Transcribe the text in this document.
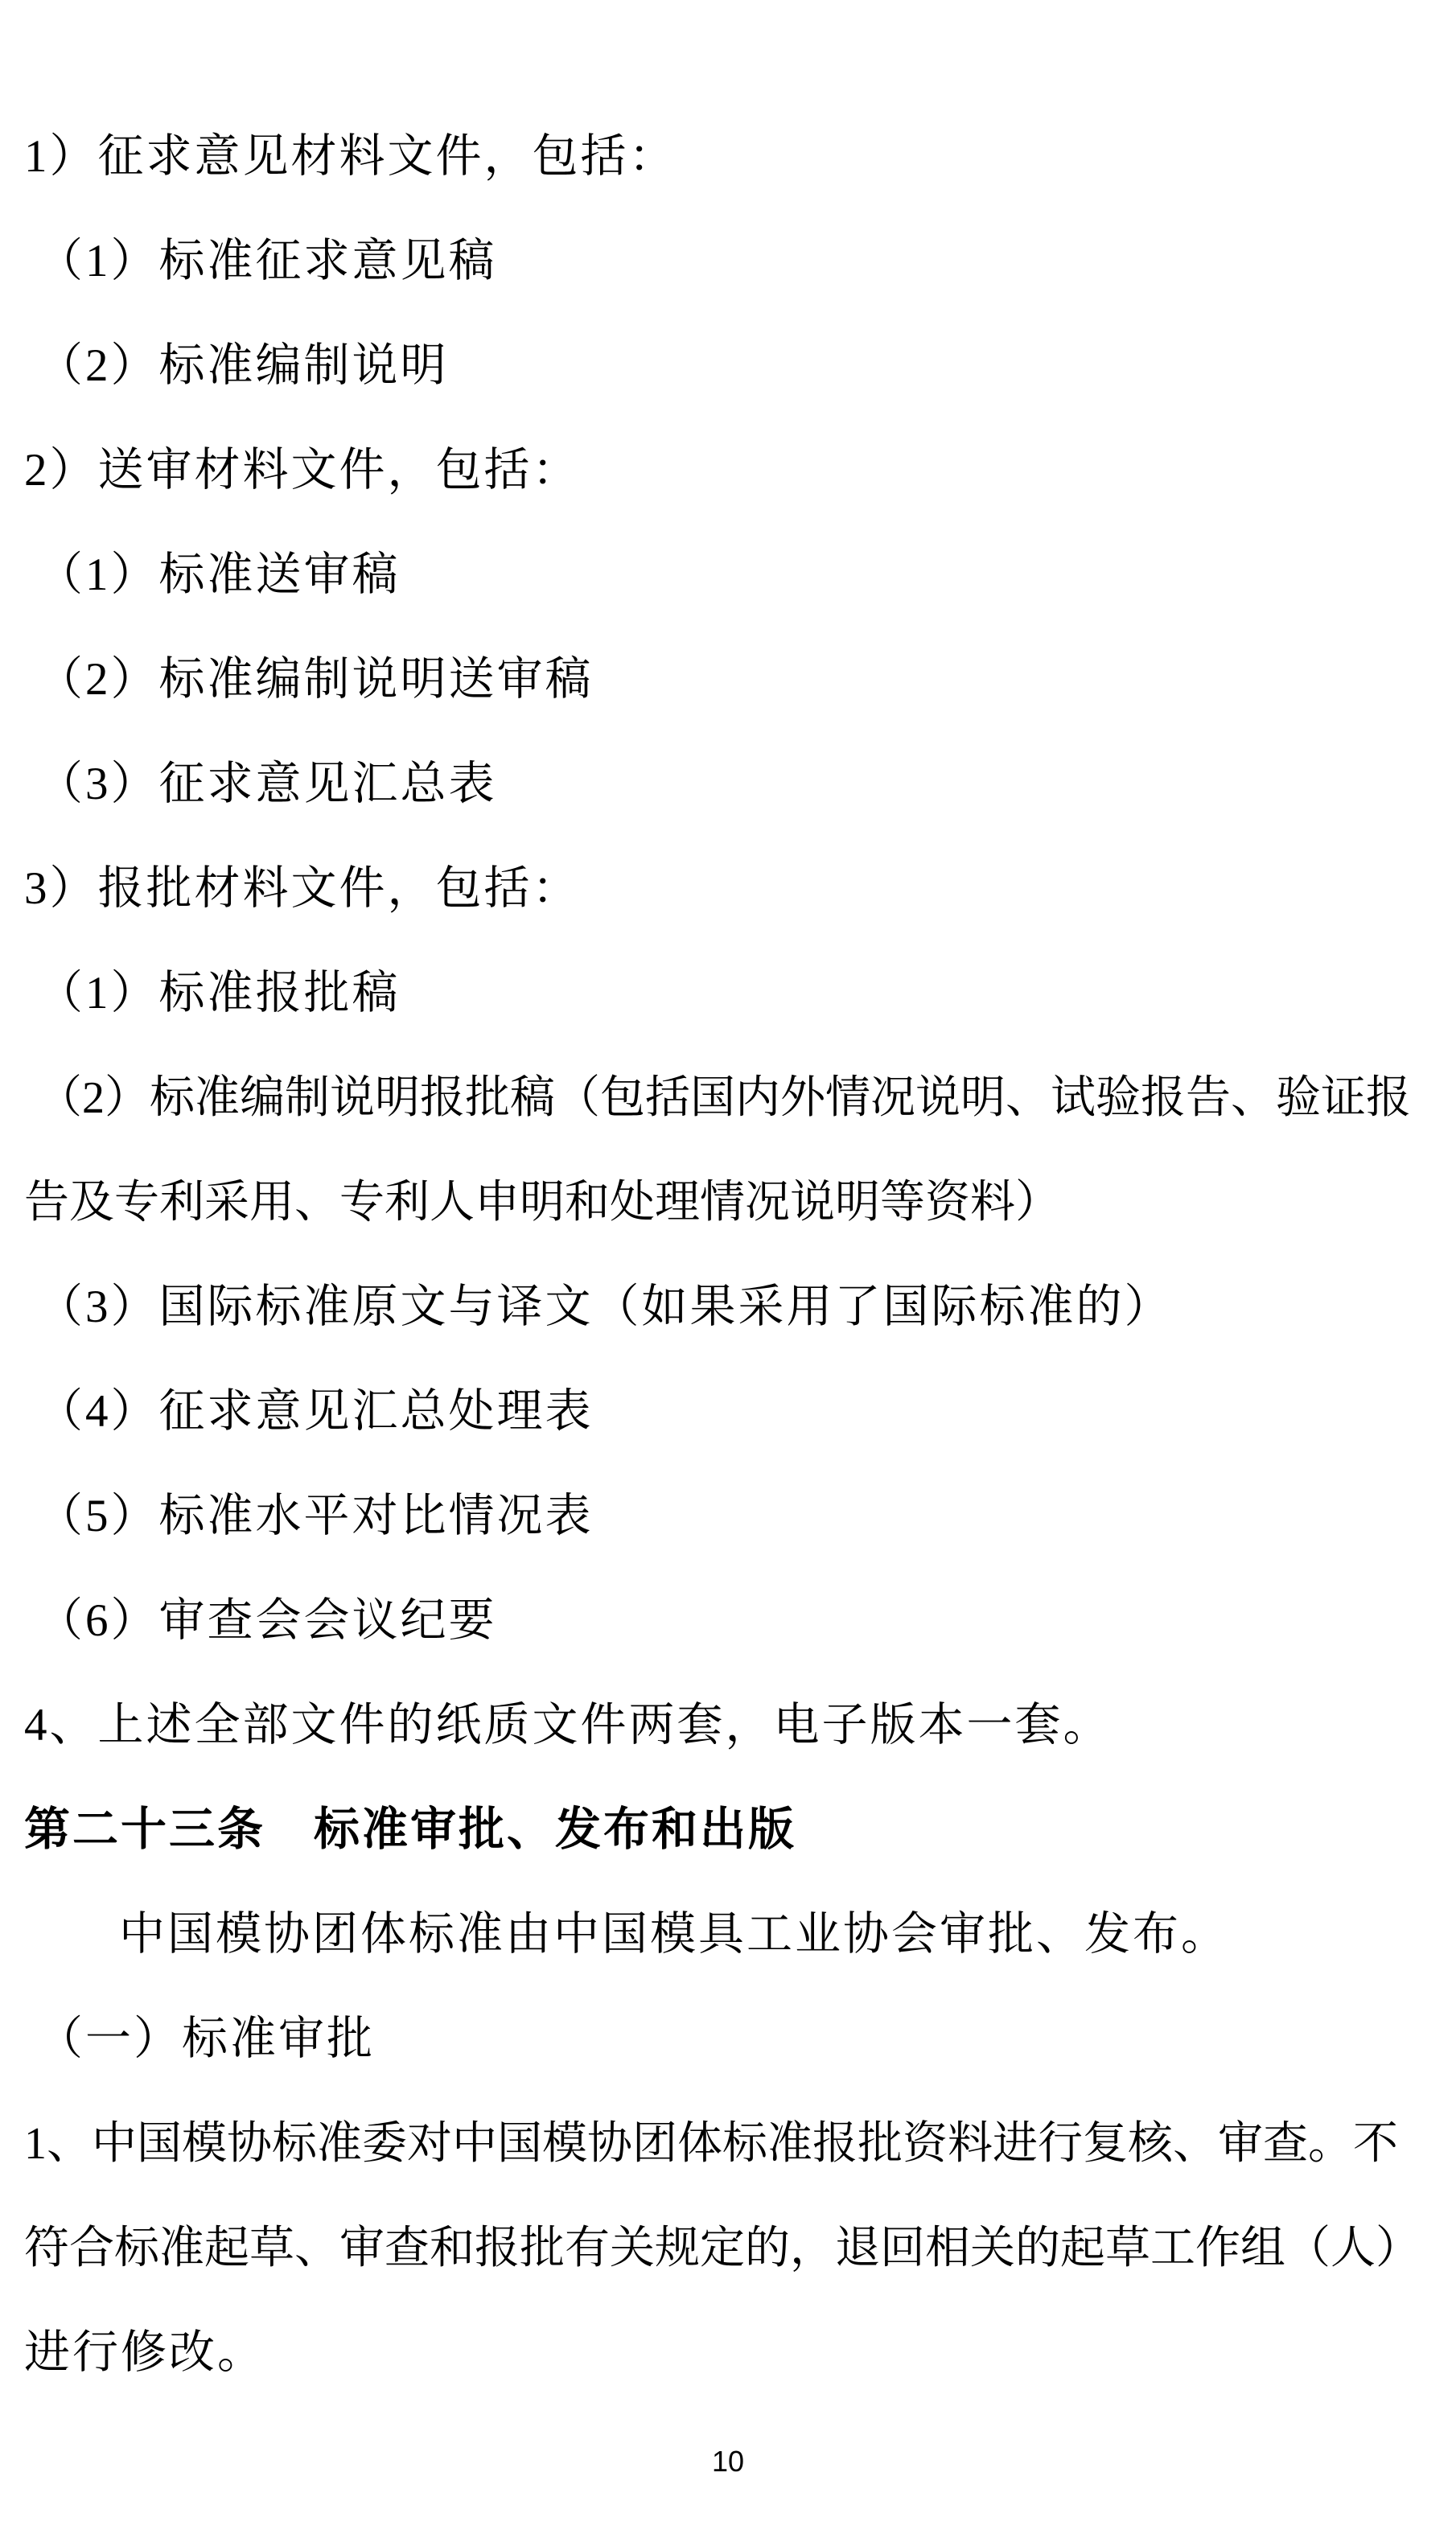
1）征求意见材料文件，包括：
（1）标准征求意见稿
（2）标准编制说明
2）送审材料文件，包括：
（1）标准送审稿
（2）标准编制说明送审稿
（3）征求意见汇总表
3）报批材料文件，包括：
（1）标准报批稿
（2）标准编制说明报批稿（包括国内外情况说明、试验报告、验证报
告及专利采用、专利人申明和处理情况说明等资料）
（3）国际标准原文与译文（如果采用了国际标准的）
（4）征求意见汇总处理表
（5）标准水平对比情况表
（6）审查会会议纪要
4、上述全部文件的纸质文件两套，电子版本一套。
第二十三条　标准审批、发布和出版
中国模协团体标准由中国模具工业协会审批、发布。
（一）标准审批
1、中国模协标准委对中国模协团体标准报批资料进行复核、审查。不
符合标准起草、审查和报批有关规定的，退回相关的起草工作组（人）
进行修改。
10
